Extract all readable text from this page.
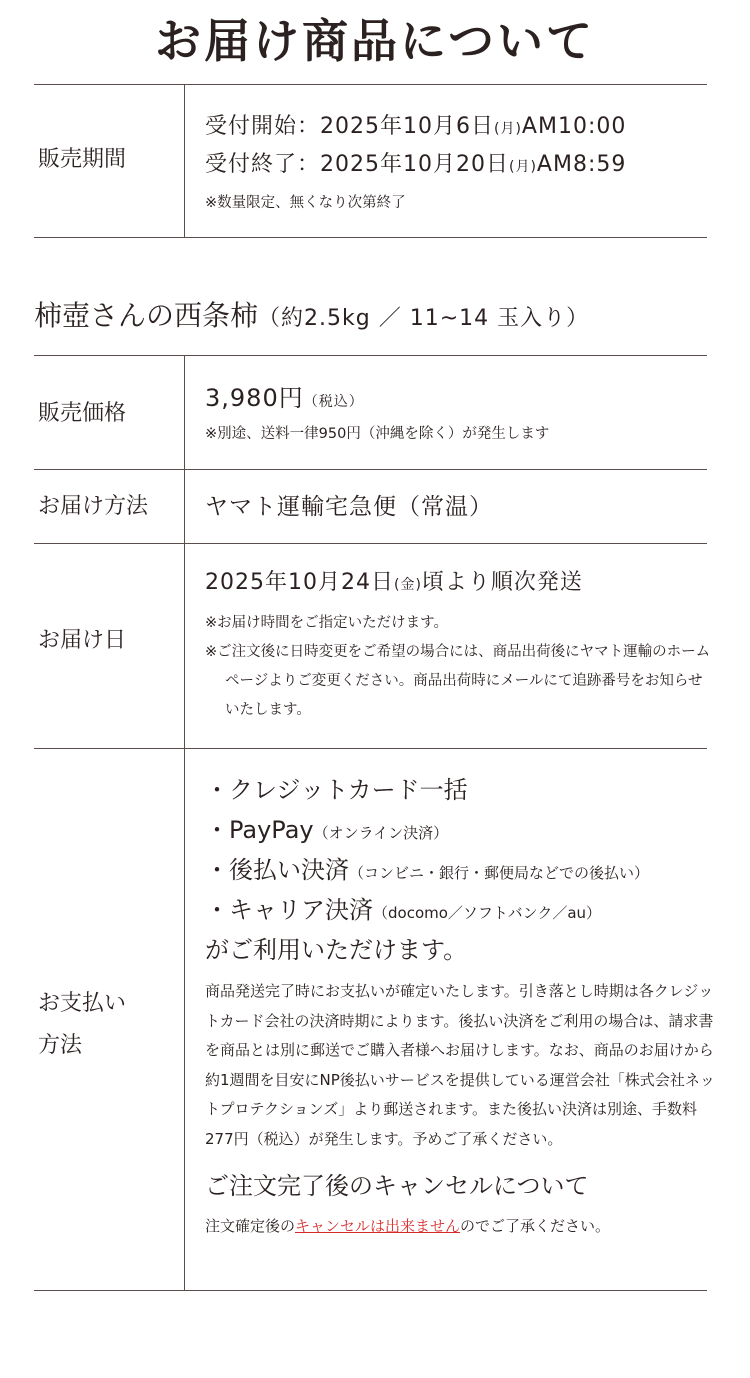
お届け商品について
販売期間
受付開始：2025年10月6日(月)AM10:00
受付終了：2025年10月20日(月)AM8:59
※数量限定、無くなり次第終了
柿壺さんの西条柿（約2.5kg ／ 11~14 玉入り）
販売価格
3,980円（税込）
※別途、送料一律950円（沖縄を除く）が発生します
お届け方法	ヤマト運輸宅急便（常温）
お届け日
2025年10月24日(金)頃より順次発送
※お届け時間をご指定いただけます。
※ご注文後に日時変更をご希望の場合には、商品出荷後にヤマト運輸のホームページよりご変更ください。商品出荷時にメールにて追跡番号をお知らせいたします。
お支払い
方法
・クレジットカード一括
・PayPay（オンライン決済）
・後払い決済（コンビニ・銀行・郵便局などでの後払い）
・キャリア決済（docomo／ソフトバンク／au）
がご利用いただけます。
商品発送完了時にお支払いが確定いたします。引き落とし時期は各クレジットカード会社の決済時期によります。後払い決済をご利用の場合は、請求書を商品とは別に郵送でご購入者様へお届けします。なお、商品のお届けから約1週間を目安にNP後払いサービスを提供している運営会社「株式会社ネットプロテクションズ」より郵送されます。また後払い決済は別途、手数料277円（税込）が発生します。予めご了承ください。
ご注文完了後のキャンセルについて
注文確定後のキャンセルは出来ませんのでご了承ください。
